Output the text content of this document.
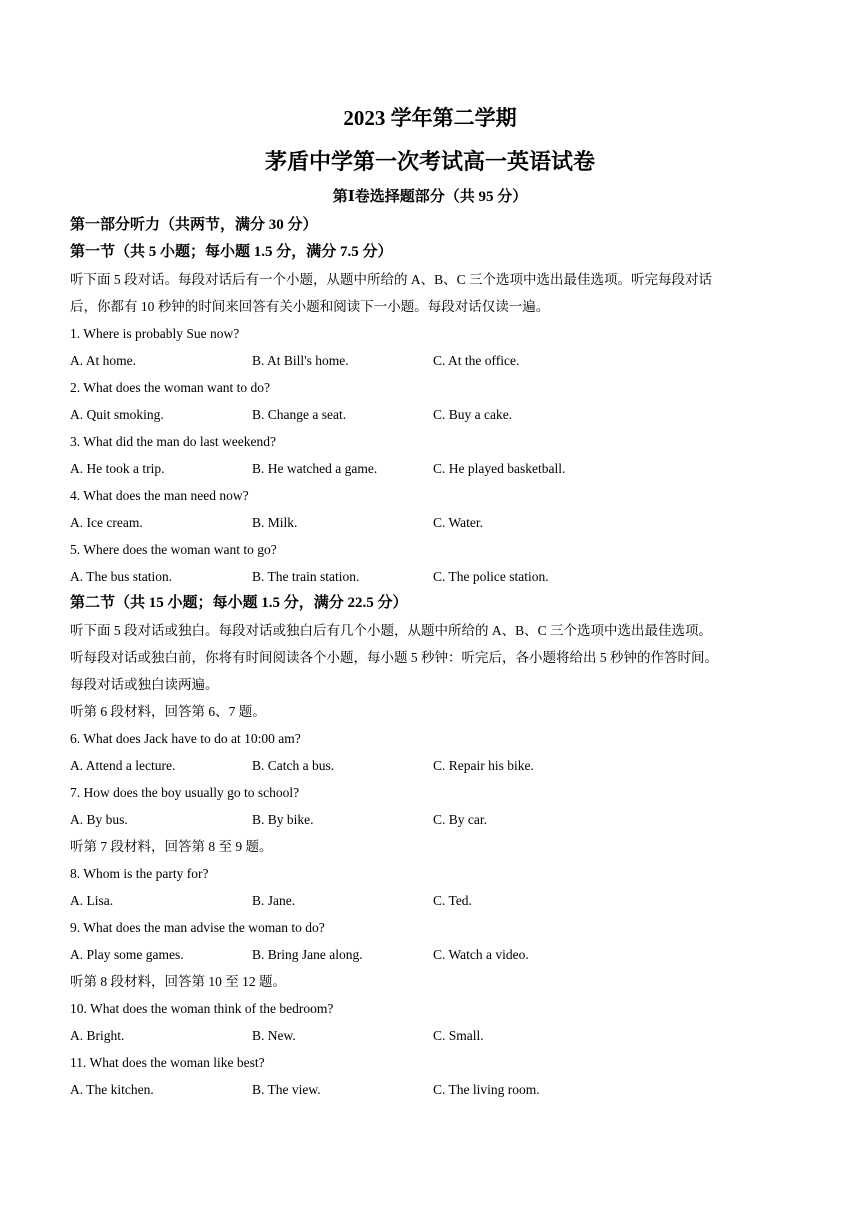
2023 学年第二学期
茅盾中学第一次考试高一英语试卷
第Ⅰ卷选择题部分（共 95 分）
第一部分听力（共两节，满分 30 分）
第一节（共 5 小题；每小题 1.5 分，满分 7.5 分）
听下面 5 段对话。每段对话后有一个小题，从题中所给的 A、B、C 三个选项中选出最佳选项。听完每段对话
后，你都有 10 秒钟的时间来回答有关小题和阅读下一小题。每段对话仅读一遍。
1. Where is probably Sue now?
A. At home.	B. At Bill's home.	C. At the office.
2. What does the woman want to do?
A. Quit smoking.	B. Change a seat.	C. Buy a cake.
3. What did the man do last weekend?
A. He took a trip.	B. He watched a game.	C. He played basketball.
4. What does the man need now?
A. Ice cream.	B. Milk.	C. Water.
5. Where does the woman want to go?
A. The bus station.	B. The train station.	C. The police station.
第二节（共 15 小题；每小题 1.5 分，满分 22.5 分）
听下面 5 段对话或独白。每段对话或独白后有几个小题，从题中所给的 A、B、C 三个选项中选出最佳选项。
听每段对话或独白前，你将有时间阅读各个小题，每小题 5 秒钟：听完后，各小题将给出 5 秒钟的作答时间。
每段对话或独白读两遍。
听第 6 段材料，回答第 6、7 题。
6. What does Jack have to do at 10:00 am?
A. Attend a lecture.	B. Catch a bus.	C. Repair his bike.
7. How does the boy usually go to school?
A. By bus.	B. By bike.	C. By car.
听第 7 段材料，回答第 8 至 9 题。
8. Whom is the party for?
A. Lisa.	B. Jane.	C. Ted.
9. What does the man advise the woman to do?
A. Play some games.	B. Bring Jane along.	C. Watch a video.
听第 8 段材料，回答第 10 至 12 题。
10. What does the woman think of the bedroom?
A. Bright.	B. New.	C. Small.
11. What does the woman like best?
A. The kitchen.	B. The view.	C. The living room.
